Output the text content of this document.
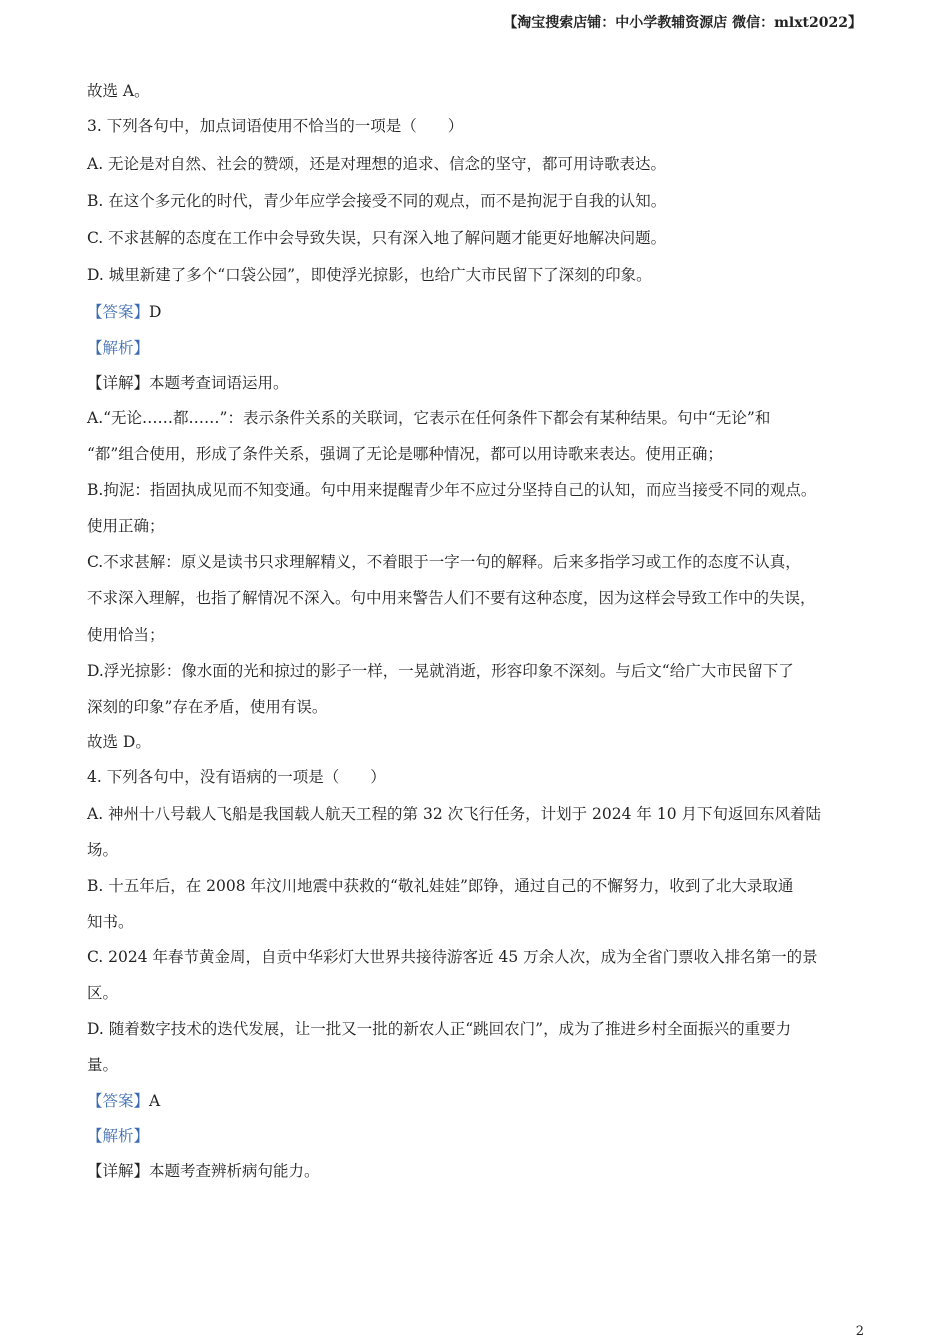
【淘宝搜索店铺：中小学教辅资源店 微信：mlxt2022】
故选 A。
3. 下列各句中，加点词语使用不恰当的一项是（　　）
A. 无论是对自然、社会的赞颂，还是对理想的追求、信念的坚守，都可用诗歌表达。
B. 在这个多元化的时代，青少年应学会接受不同的观点，而不是拘泥于自我的认知。
C. 不求甚解的态度在工作中会导致失误，只有深入地了解问题才能更好地解决问题。
D. 城里新建了多个“口袋公园”，即使浮光掠影，也给广大市民留下了深刻的印象。
【答案】D
【解析】
【详解】本题考查词语运用。
A.“无论……都……”：表示条件关系的关联词，它表示在任何条件下都会有某种结果。句中“无论”和
“都”组合使用，形成了条件关系，强调了无论是哪种情况，都可以用诗歌来表达。使用正确；
B.拘泥：指固执成见而不知变通。句中用来提醒青少年不应过分坚持自己的认知，而应当接受不同的观点。
使用正确；
C.不求甚解：原义是读书只求理解精义，不着眼于一字一句的解释。后来多指学习或工作的态度不认真，
不求深入理解，也指了解情况不深入。句中用来警告人们不要有这种态度，因为这样会导致工作中的失误，
使用恰当；
D.浮光掠影：像水面的光和掠过的影子一样，一晃就消逝，形容印象不深刻。与后文“给广大市民留下了
深刻的印象”存在矛盾，使用有误。
故选 D。
4. 下列各句中，没有语病的一项是（　　）
A. 神州十八号载人飞船是我国载人航天工程的第 32 次飞行任务，计划于 2024 年 10 月下旬返回东风着陆
场。
B. 十五年后，在 2008 年汶川地震中获救的“敬礼娃娃”郎铮，通过自己的不懈努力，收到了北大录取通
知书。
C. 2024 年春节黄金周，自贡中华彩灯大世界共接待游客近 45 万余人次，成为全省门票收入排名第一的景
区。
D. 随着数字技术的迭代发展，让一批又一批的新农人正“跳回农门”，成为了推进乡村全面振兴的重要力
量。
【答案】A
【解析】
【详解】本题考查辨析病句能力。
2
